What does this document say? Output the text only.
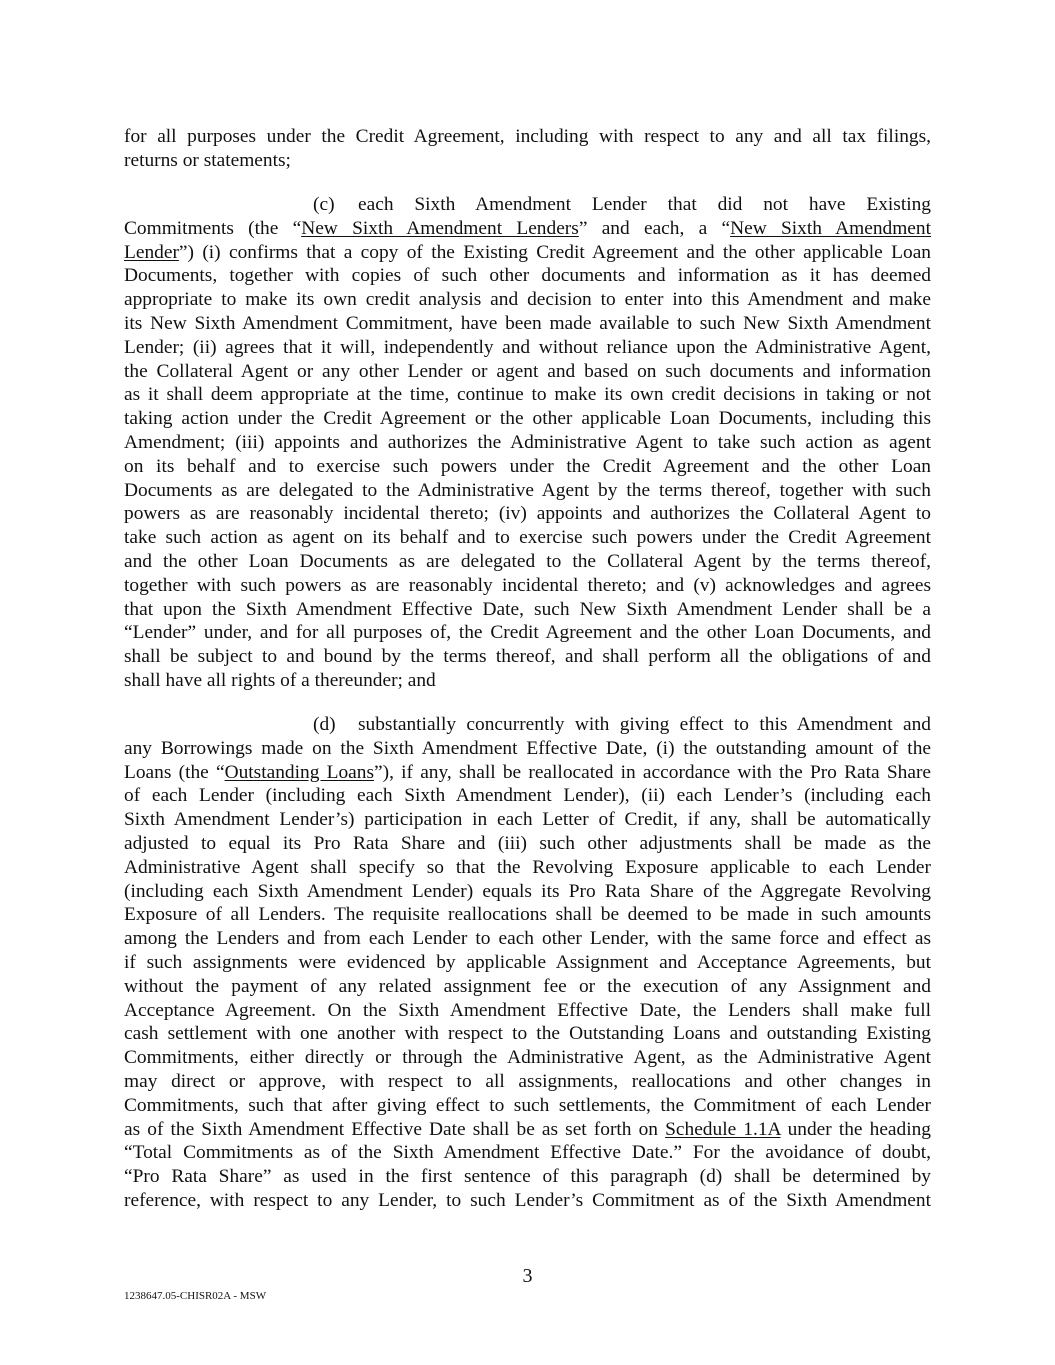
for all purposes under the Credit Agreement, including with respect to any and all tax filings,
returns or statements;
(c) each Sixth Amendment Lender that did not have Existing
Commitments (the “New Sixth Amendment Lenders” and each, a “New Sixth Amendment
Lender”) (i) confirms that a copy of the Existing Credit Agreement and the other applicable Loan
Documents, together with copies of such other documents and information as it has deemed
appropriate to make its own credit analysis and decision to enter into this Amendment and make
its New Sixth Amendment Commitment, have been made available to such New Sixth Amendment
Lender; (ii) agrees that it will, independently and without reliance upon the Administrative Agent,
the Collateral Agent or any other Lender or agent and based on such documents and information
as it shall deem appropriate at the time, continue to make its own credit decisions in taking or not
taking action under the Credit Agreement or the other applicable Loan Documents, including this
Amendment; (iii) appoints and authorizes the Administrative Agent to take such action as agent
on its behalf and to exercise such powers under the Credit Agreement and the other Loan
Documents as are delegated to the Administrative Agent by the terms thereof, together with such
powers as are reasonably incidental thereto; (iv) appoints and authorizes the Collateral Agent to
take such action as agent on its behalf and to exercise such powers under the Credit Agreement
and the other Loan Documents as are delegated to the Collateral Agent by the terms thereof,
together with such powers as are reasonably incidental thereto; and (v) acknowledges and agrees
that upon the Sixth Amendment Effective Date, such New Sixth Amendment Lender shall be a
“Lender” under, and for all purposes of, the Credit Agreement and the other Loan Documents, and
shall be subject to and bound by the terms thereof, and shall perform all the obligations of and
shall have all rights of a thereunder; and
(d) substantially concurrently with giving effect to this Amendment and
any Borrowings made on the Sixth Amendment Effective Date, (i) the outstanding amount of the
Loans (the “Outstanding Loans”), if any, shall be reallocated in accordance with the Pro Rata Share
of each Lender (including each Sixth Amendment Lender), (ii) each Lender’s (including each
Sixth Amendment Lender’s) participation in each Letter of Credit, if any, shall be automatically
adjusted to equal its Pro Rata Share and (iii) such other adjustments shall be made as the
Administrative Agent shall specify so that the Revolving Exposure applicable to each Lender
(including each Sixth Amendment Lender) equals its Pro Rata Share of the Aggregate Revolving
Exposure of all Lenders. The requisite reallocations shall be deemed to be made in such amounts
among the Lenders and from each Lender to each other Lender, with the same force and effect as
if such assignments were evidenced by applicable Assignment and Acceptance Agreements, but
without the payment of any related assignment fee or the execution of any Assignment and
Acceptance Agreement. On the Sixth Amendment Effective Date, the Lenders shall make full
cash settlement with one another with respect to the Outstanding Loans and outstanding Existing
Commitments, either directly or through the Administrative Agent, as the Administrative Agent
may direct or approve, with respect to all assignments, reallocations and other changes in
Commitments, such that after giving effect to such settlements, the Commitment of each Lender
as of the Sixth Amendment Effective Date shall be as set forth on Schedule 1.1A under the heading
“Total Commitments as of the Sixth Amendment Effective Date.” For the avoidance of doubt,
“Pro Rata Share” as used in the first sentence of this paragraph (d) shall be determined by
reference, with respect to any Lender, to such Lender’s Commitment as of the Sixth Amendment
3
1238647.05-CHISR02A - MSW
